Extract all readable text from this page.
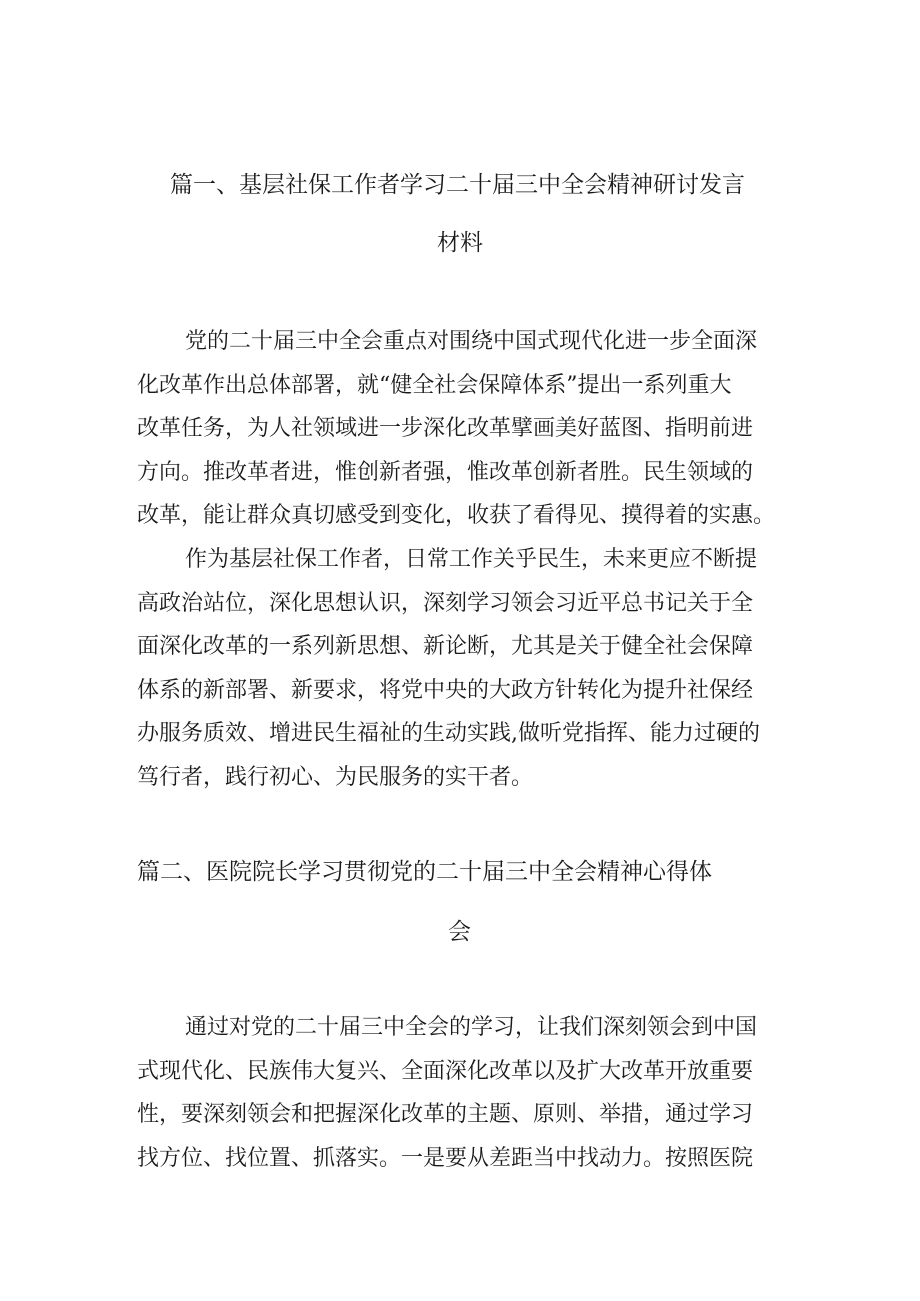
篇一、基层社保工作者学习二十届三中全会精神研讨发言
材料
党的二十届三中全会重点对围绕中国式现代化进一步全面深
化改革作出总体部署，就“健全社会保障体系”提出一系列重大
改革任务，为人社领域进一步深化改革擘画美好蓝图、指明前进
方向。推改革者进，惟创新者强，惟改革创新者胜。民生领域的
改革，能让群众真切感受到变化，收获了看得见、摸得着的实惠。
作为基层社保工作者，日常工作关乎民生，未来更应不断提
高政治站位，深化思想认识，深刻学习领会习近平总书记关于全
面深化改革的一系列新思想、新论断，尤其是关于健全社会保障
体系的新部署、新要求，将党中央的大政方针转化为提升社保经
办服务质效、增进民生福祉的生动实践,做听党指挥、能力过硬的
笃行者，践行初心、为民服务的实干者。
篇二、医院院长学习贯彻党的二十届三中全会精神心得体
会
通过对党的二十届三中全会的学习，让我们深刻领会到中国
式现代化、民族伟大复兴、全面深化改革以及扩大改革开放重要
性，要深刻领会和把握深化改革的主题、原则、举措，通过学习
找方位、找位置、抓落实。一是要从差距当中找动力。按照医院
